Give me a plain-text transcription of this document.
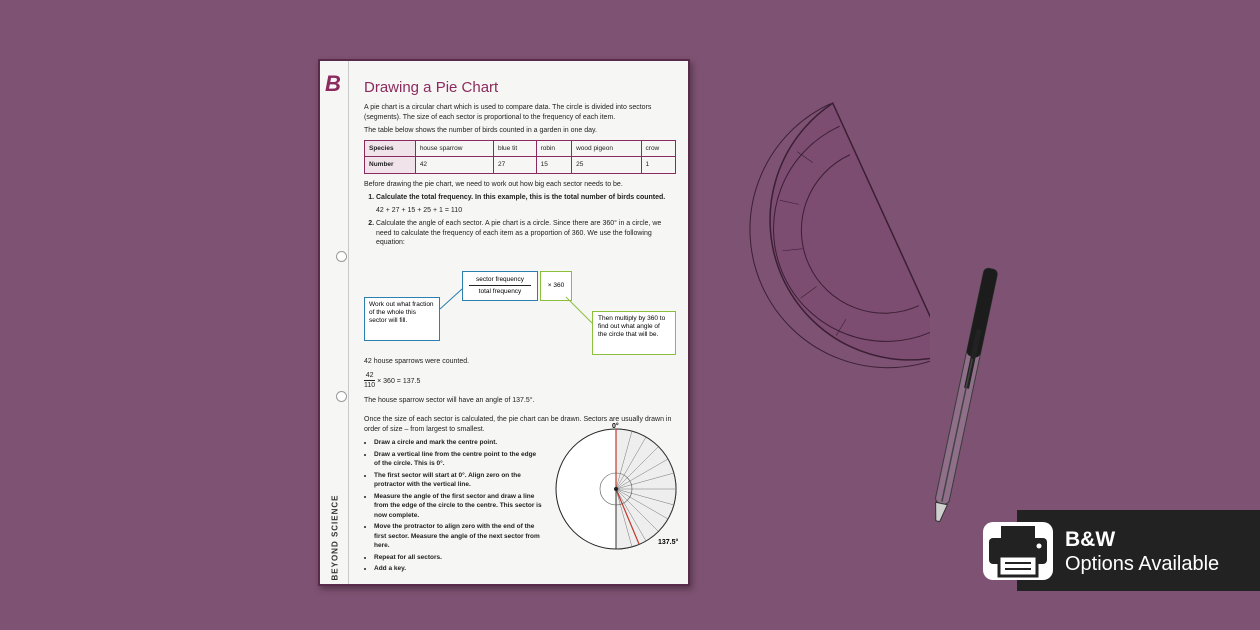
B
BEYOND SCIENCE
Drawing a Pie Chart
A pie chart is a circular chart which is used to compare data. The circle is divided into sectors (segments). The size of each sector is proportional to the frequency of each item.
The table below shows the number of birds counted in a garden in one day.
Species	house sparrow	blue tit	robin	wood pigeon	crow
Number	42	27	15	25	1
Before drawing the pie chart, we need to work out how big each sector needs to be.
1. Calculate the total frequency. In this example, this is the total number of birds counted.
42 + 27 + 15 + 25 + 1 = 110
2. Calculate the angle of each sector. A pie chart is a circle. Since there are 360° in a circle, we need to calculate the frequency of each item as a proportion of 360. We use the following equation:
sector frequency
total frequency
× 360
Work out what fraction of the whole this sector will fill.	Then multiply by 360 to find out what angle of the circle that will be.
42 house sparrows were counted.
$\frac{42}{110} \times 360 = 137.5$
The house sparrow sector will have an angle of 137.5°.
Once the size of each sector is calculated, the pie chart can be drawn. Sectors are usually drawn in order of size – from largest to smallest.
• Draw a circle and mark the centre point.
• Draw a vertical line from the centre point to the edge of the circle. This is 0°.
• The first sector will start at 0°. Align zero on the protractor with the vertical line.
• Measure the angle of the first sector and draw a line from the edge of the circle to the centre. This sector is now complete.
• Move the protractor to align zero with the end of the first sector. Measure the angle of the next sector from here.
• Repeat for all sectors.
• Add a key.
0°
137.5°	B&W
Options Available
